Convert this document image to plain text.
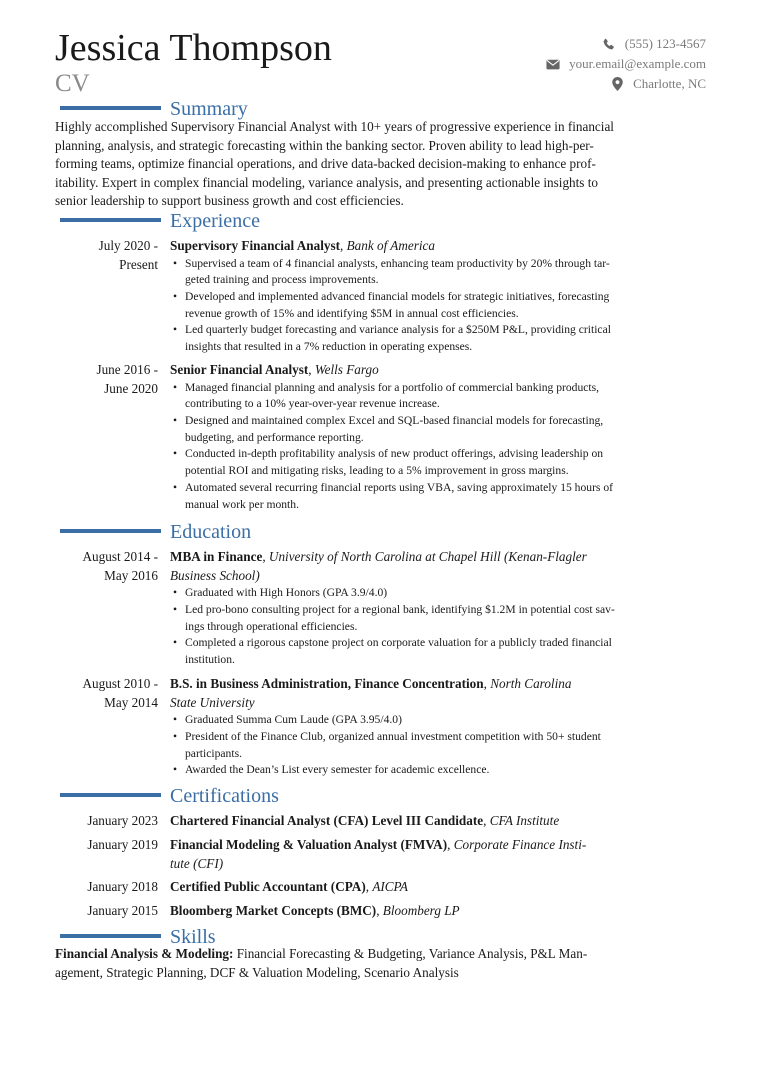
Jessica Thompson
CV
(555) 123-4567
your.email@example.com
Charlotte, NC
Summary
Highly accomplished Supervisory Financial Analyst with 10+ years of progressive experience in financial
planning, analysis, and strategic forecasting within the banking sector. Proven ability to lead high-per-
forming teams, optimize financial operations, and drive data-backed decision-making to enhance prof-
itability. Expert in complex financial modeling, variance analysis, and presenting actionable insights to
senior leadership to support business growth and cost efficiencies.
Experience
July 2020 -
Present
Supervisory Financial Analyst, Bank of America
• Supervised a team of 4 financial analysts, enhancing team productivity by 20% through tar-
geted training and process improvements.
• Developed and implemented advanced financial models for strategic initiatives, forecasting
revenue growth of 15% and identifying $5M in annual cost efficiencies.
• Led quarterly budget forecasting and variance analysis for a $250M P&L, providing critical
insights that resulted in a 7% reduction in operating expenses.
June 2016 -
June 2020
Senior Financial Analyst, Wells Fargo
• Managed financial planning and analysis for a portfolio of commercial banking products,
contributing to a 10% year-over-year revenue increase.
• Designed and maintained complex Excel and SQL-based financial models for forecasting,
budgeting, and performance reporting.
• Conducted in-depth profitability analysis of new product offerings, advising leadership on
potential ROI and mitigating risks, leading to a 5% improvement in gross margins.
• Automated several recurring financial reports using VBA, saving approximately 15 hours of
manual work per month.
Education
August 2014 -
May 2016
MBA in Finance, University of North Carolina at Chapel Hill (Kenan-Flagler
Business School)
• Graduated with High Honors (GPA 3.9/4.0)
• Led pro-bono consulting project for a regional bank, identifying $1.2M in potential cost sav-
ings through operational efficiencies.
• Completed a rigorous capstone project on corporate valuation for a publicly traded financial
institution.
August 2010 -
May 2014
B.S. in Business Administration, Finance Concentration, North Carolina
State University
• Graduated Summa Cum Laude (GPA 3.95/4.0)
• President of the Finance Club, organized annual investment competition with 50+ student
participants.
• Awarded the Dean’s List every semester for academic excellence.
Certifications
January 2023 Chartered Financial Analyst (CFA) Level III Candidate, CFA Institute
January 2019 Financial Modeling & Valuation Analyst (FMVA), Corporate Finance Insti-
tute (CFI)
January 2018 Certified Public Accountant (CPA), AICPA
January 2015 Bloomberg Market Concepts (BMC), Bloomberg LP
Skills
Financial Analysis & Modeling: Financial Forecasting & Budgeting, Variance Analysis, P&L Man-
agement, Strategic Planning, DCF & Valuation Modeling, Scenario Analysis
